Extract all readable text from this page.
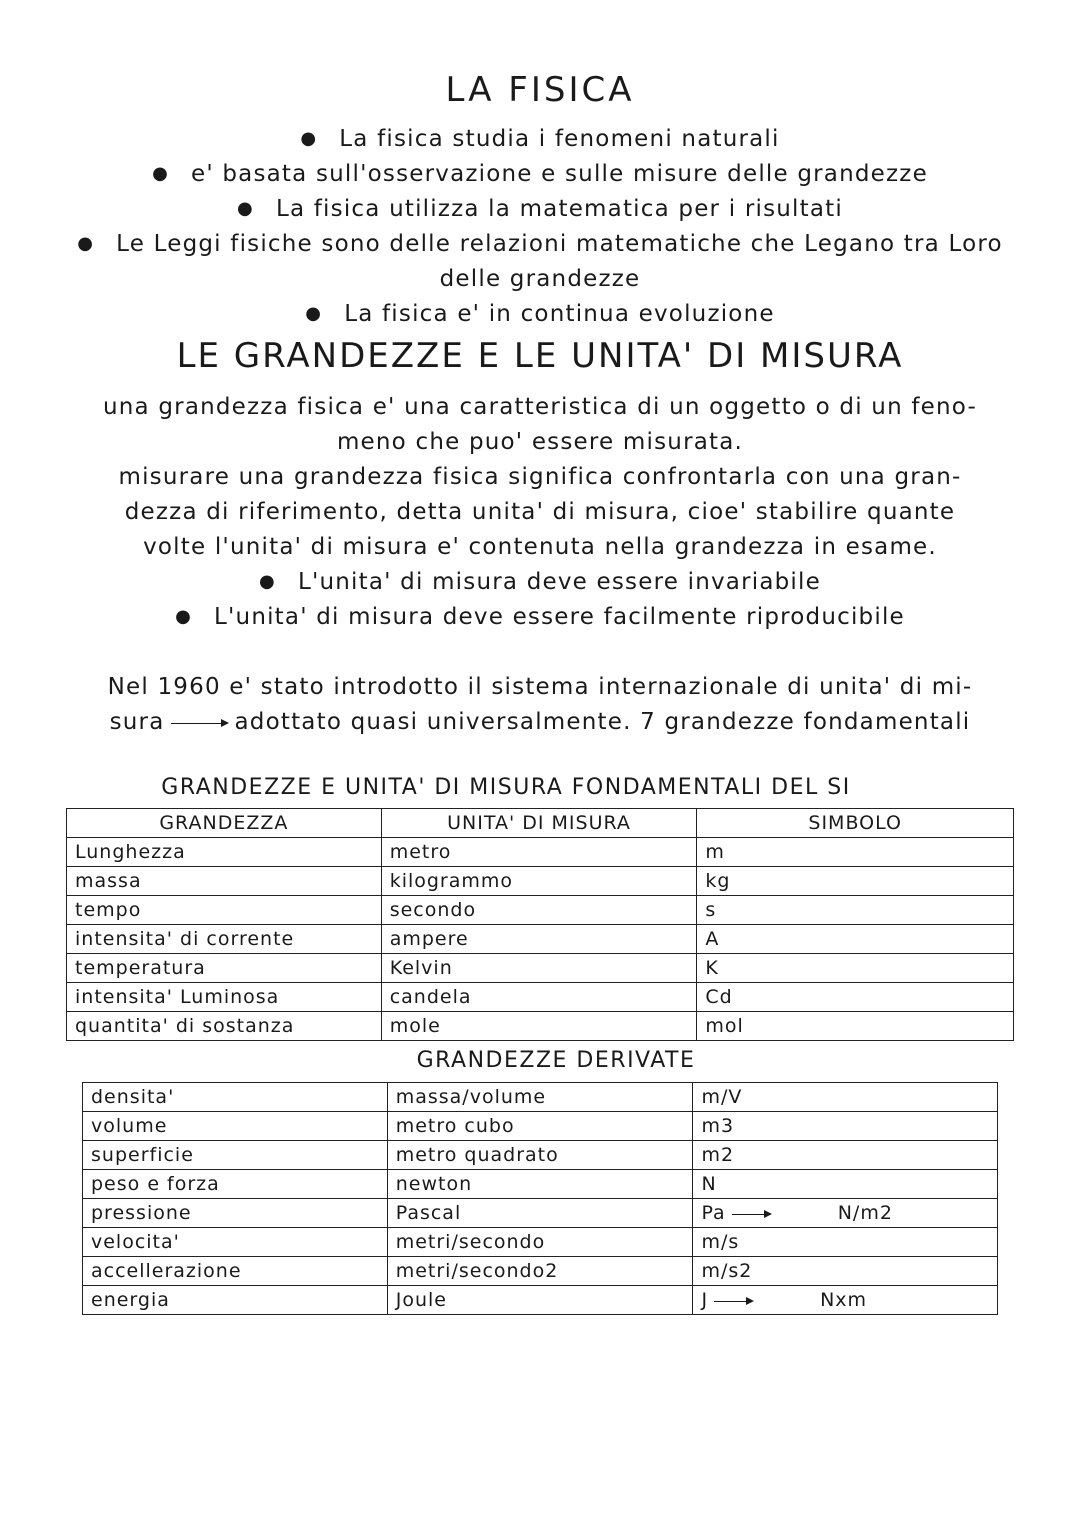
LA FISICA
● La fisica studia i fenomeni naturali
● e' basata sull'osservazione e sulle misure delle grandezze
● La fisica utilizza la matematica per i risultati
● Le Leggi fisiche sono delle relazioni matematiche che Legano tra Loro
delle grandezze
● La fisica e' in continua evoluzione
LE GRANDEZZE E LE UNITA' DI MISURA
una grandezza fisica e' una caratteristica di un oggetto o di un feno-
meno che puo' essere misurata.
misurare una grandezza fisica significa confrontarla con una gran-
dezza di riferimento, detta unita' di misura, cioe' stabilire quante
volte l'unita' di misura e' contenuta nella grandezza in esame.
● L'unita' di misura deve essere invariabile
● L'unita' di misura deve essere facilmente riproducibile
Nel 1960 e' stato introdotto il sistema internazionale di unita' di mi-
sura	adottato quasi universalmente. 7 grandezze fondamentali
GRANDEZZE E UNITA' DI MISURA FONDAMENTALI DEL SI
GRANDEZZA	UNITA' DI MISURA	SIMBOLO
Lunghezza	metro	m
massa	kilogrammo	kg
tempo	secondo	s
intensita' di corrente	ampere	A
temperatura	Kelvin	K
intensita' Luminosa	candela	Cd
quantita' di sostanza	mole	mol
GRANDEZZE DERIVATE
densita'	massa/volume	m/V
volume	metro cubo	m3
superficie	metro quadrato	m2
peso e forza	newton	N
pressione	Pascal	Pa N/m2
velocita'	metri/secondo	m/s
accellerazione	metri/secondo2	m/s2
energia	Joule	J Nxm
